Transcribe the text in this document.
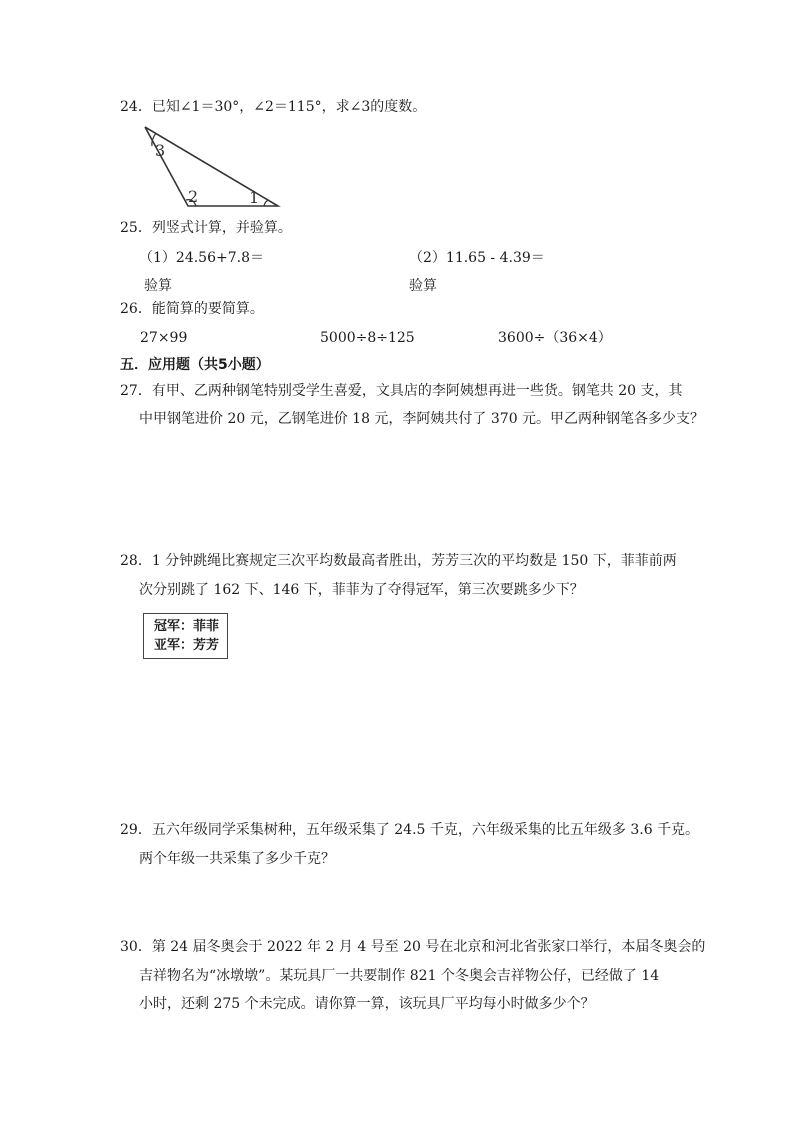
24．已知∠1＝30°，∠2＝115°，求∠3的度数。
3
2	1
25．列竖式计算，并验算。
（1）24.56+7.8＝	（2）11.65 - 4.39＝
验算	验算
26．能简算的要简算。
27×99	5000÷8÷125	3600÷（36×4）
五．应用题（共5小题）
27．有甲、乙两种钢笔特别受学生喜爱，文具店的李阿姨想再进一些货。钢笔共 20 支，其
中甲钢笔进价 20 元，乙钢笔进价 18 元，李阿姨共付了 370 元。甲乙两种钢笔各多少支？
28．1 分钟跳绳比赛规定三次平均数最高者胜出，芳芳三次的平均数是 150 下，菲菲前两
次分别跳了 162 下、146 下，菲菲为了夺得冠军，第三次要跳多少下？
冠军：菲菲
亚军：芳芳
29．五六年级同学采集树种，五年级采集了 24.5 千克，六年级采集的比五年级多 3.6 千克。
两个年级一共采集了多少千克？
30．第 24 届冬奥会于 2022 年 2 月 4 号至 20 号在北京和河北省张家口举行，本届冬奥会的
吉祥物名为“冰墩墩”。某玩具厂一共要制作 821 个冬奥会吉祥物公仔，已经做了 14
小时，还剩 275 个未完成。请你算一算，该玩具厂平均每小时做多少个？
